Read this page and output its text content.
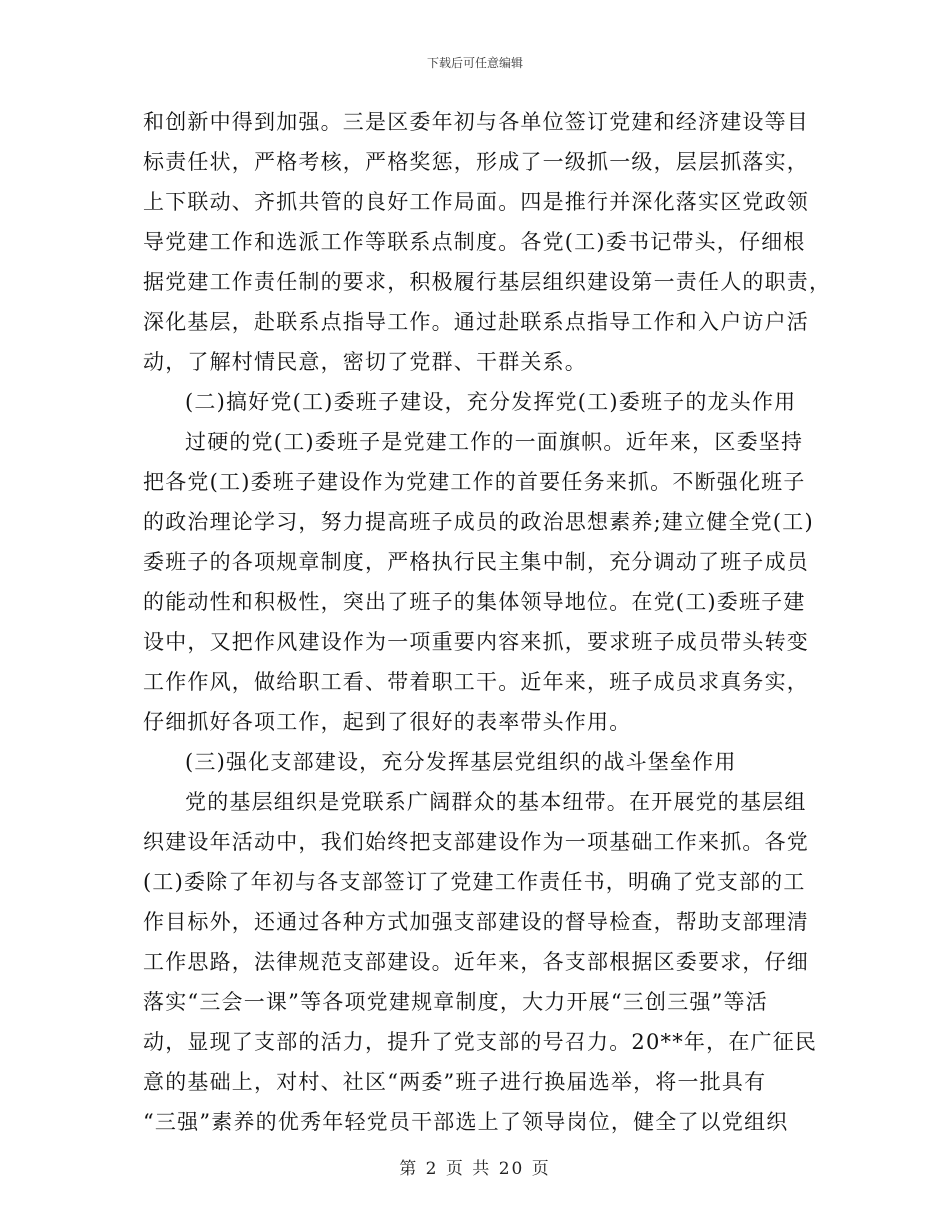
下载后可任意编辑
和创新中得到加强。三是区委年初与各单位签订党建和经济建设等目
标责任状，严格考核，严格奖惩，形成了一级抓一级，层层抓落实，
上下联动、齐抓共管的良好工作局面。四是推行并深化落实区党政领
导党建工作和选派工作等联系点制度。各党(工)委书记带头，仔细根
据党建工作责任制的要求，积极履行基层组织建设第一责任人的职责，
深化基层，赴联系点指导工作。通过赴联系点指导工作和入户访户活
动，了解村情民意，密切了党群、干群关系。
(二)搞好党(工)委班子建设，充分发挥党(工)委班子的龙头作用
过硬的党(工)委班子是党建工作的一面旗帜。近年来，区委坚持
把各党(工)委班子建设作为党建工作的首要任务来抓。不断强化班子
的政治理论学习，努力提高班子成员的政治思想素养;建立健全党(工)
委班子的各项规章制度，严格执行民主集中制，充分调动了班子成员
的能动性和积极性，突出了班子的集体领导地位。在党(工)委班子建
设中，又把作风建设作为一项重要内容来抓，要求班子成员带头转变
工作作风，做给职工看、带着职工干。近年来，班子成员求真务实，
仔细抓好各项工作，起到了很好的表率带头作用。
(三)强化支部建设，充分发挥基层党组织的战斗堡垒作用
党的基层组织是党联系广阔群众的基本纽带。在开展党的基层组
织建设年活动中，我们始终把支部建设作为一项基础工作来抓。各党
(工)委除了年初与各支部签订了党建工作责任书，明确了党支部的工
作目标外，还通过各种方式加强支部建设的督导检查，帮助支部理清
工作思路，法律规范支部建设。近年来，各支部根据区委要求，仔细
落实“三会一课”等各项党建规章制度，大力开展“三创三强”等活
动，显现了支部的活力，提升了党支部的号召力。20**年，在广征民
意的基础上，对村、社区“两委”班子进行换届选举，将一批具有
“三强”素养的优秀年轻党员干部选上了领导岗位，健全了以党组织
第 2 页 共 20 页
